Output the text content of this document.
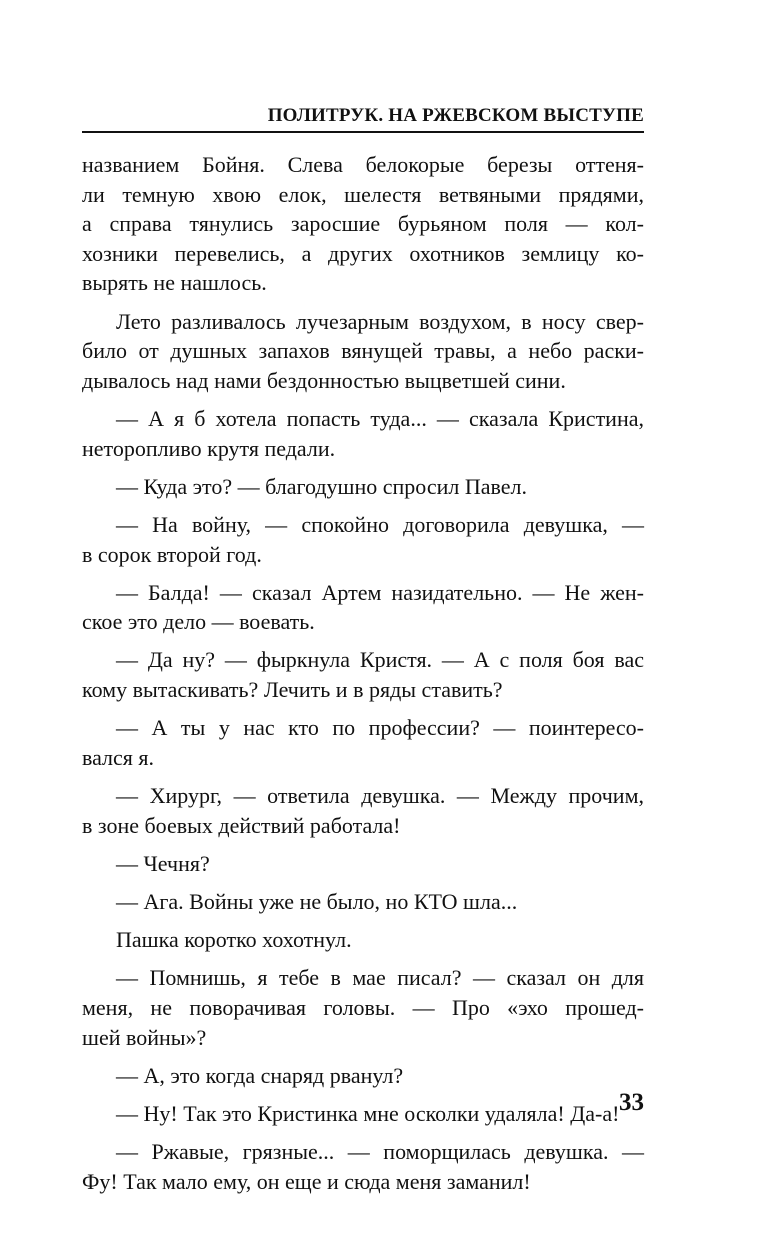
ПОЛИТРУК. НА РЖЕВСКОМ ВЫСТУПЕ
названием Бойня. Слева белокорые березы оттеня-
ли темную хвою елок, шелестя ветвяными прядями,
а справа тянулись заросшие бурьяном поля — кол-
хозники перевелись, а других охотников землицу ко-
вырять не нашлось.
Лето разливалось лучезарным воздухом, в носу свер-
било от душных запахов вянущей травы, а небо раски-
дывалось над нами бездонностью выцветшей сини.
— А я б хотела попасть туда... — сказала Кристина,
неторопливо крутя педали.
— Куда это? — благодушно спросил Павел.
— На войну, — спокойно договорила девушка, —
в сорок второй год.
— Балда! — сказал Артем назидательно. — Не жен-
ское это дело — воевать.
— Да ну? — фыркнула Кристя. — А с поля боя вас
кому вытаскивать? Лечить и в ряды ставить?
— А ты у нас кто по профессии? — поинтересо-
вался я.
— Хирург, — ответила девушка. — Между прочим,
в зоне боевых действий работала!
— Чечня?
— Ага. Войны уже не было, но КТО шла...
Пашка коротко хохотнул.
— Помнишь, я тебе в мае писал? — сказал он для
меня, не поворачивая головы. — Про «эхо прошед-
шей войны»?
— А, это когда снаряд рванул?
— Ну! Так это Кристинка мне осколки удаляла! Да-а!
— Ржавые, грязные... — поморщилась девушка. —
Фу! Так мало ему, он еще и сюда меня заманил!
33
